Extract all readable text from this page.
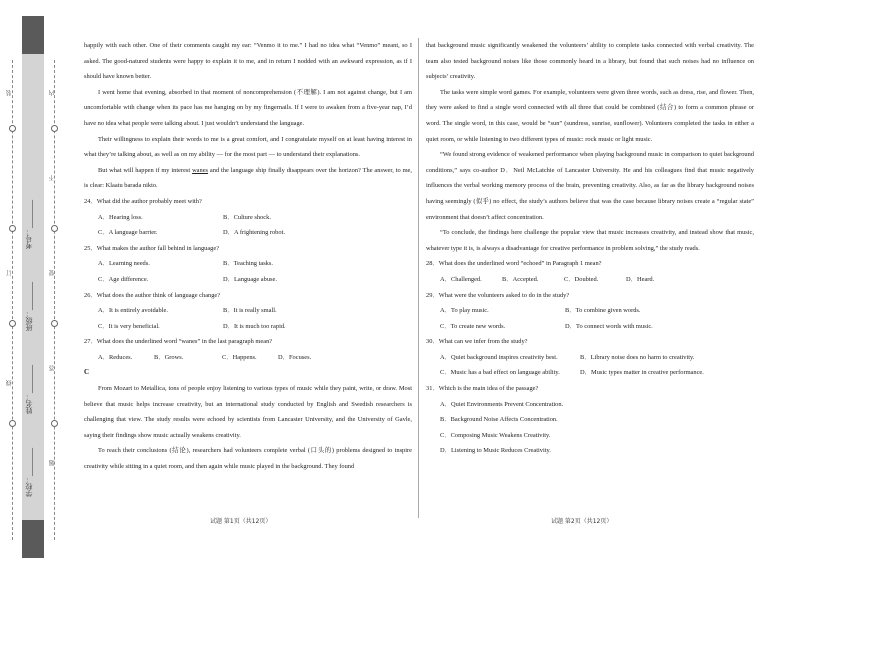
装
订
线
内
不
要
答
题
学校：________
姓名：________
班级：________
考号：________

happily with each other. One of their comments caught my ear: “Venmo it to me.” I had no idea what “Venmo” meant, so I asked. The good-natured students were happy to explain it to me, and in return I nodded with an awkward expression, as if I should have known better.

I went home that evening, absorbed in that moment of noncomprehension (不理解). I am not against change, but I am uncomfortable with change when its pace has me hanging on by my fingernails. If I were to awaken from a five-year nap, I’d have no idea what people were talking about. I just wouldn’t understand the language.

Their willingness to explain their words to me is a great comfort, and I congratulate myself on at least having interest in what they’re talking about, as well as on my ability — for the most part — to understand their explanations.

But what will happen if my interest wanes and the language ship finally disappears over the horizon? The answer, to me, is clear: Klaatu barada nikto.

24．What did the author probably meet with?

A．Hearing loss.	B．Culture shock.
C．A language barrier.	D．A frightening robot.

25．What makes the author fall behind in language?

A．Learning needs.	B．Teaching tasks.
C．Age difference.	D．Language abuse.

26．What does the author think of language change?

A．It is entirely avoidable.	B．It is really small.
C．It is very beneficial.	D．It is much too rapid.

27．What does the underlined word “wanes” in the last paragraph mean?

A．Reduces.	B．Grows.	C．Happens.	D．Focuses.

C

From Mozart to Metallica, tons of people enjoy listening to various types of music while they paint, write, or draw. Most believe that music helps increase creativity, but an international study conducted by English and Swedish researchers is challenging that view. The study results were echoed by scientists from Lancaster University, and the University of Gavle, saying their findings show music actually weakens creativity.

To reach their conclusions (结论), researchers had volunteers complete verbal (口头的) problems designed to inspire creativity while sitting in a quiet room, and then again while music played in the background. They found

that background music significantly weakened the volunteers’ ability to complete tasks connected with verbal creativity. The team also tested background noises like those commonly heard in a library, but found that such noises had no influence on subjects’ creativity.

The tasks were simple word games. For example, volunteers were given three words, such as dress, rise, and flower. Then, they were asked to find a single word connected with all three that could be combined (结合) to form a common phrase or word. The single word, in this case, would be “sun” (sundress, sunrise, sunflower). Volunteers completed the tasks in either a quiet room, or while listening to two different types of music: rock music or light music.

“We found strong evidence of weakened performance when playing background music in comparison to quiet background conditions,” says co-author D．Neil McLatchie of Lancaster University. He and his colleagues find that music negatively influences the verbal working memory process of the brain, preventing creativity. Also, as far as the library background noises having seemingly (似乎) no effect, the study’s authors believe that was the case because library noises create a “regular state” environment that doesn’t affect concentration.

“To conclude, the findings here challenge the popular view that music increases creativity, and instead show that music, whatever type it is, is always a disadvantage for creative performance in problem solving,” the study reads.

28．What does the underlined word “echoed” in Paragraph 1 mean?

A．Challenged.	B．Accepted.	C．Doubted.	D．Heard.

29．What were the volunteers asked to do in the study?

A．To play music.	B．To combine given words.
C．To create new words.	D．To connect words with music.

30．What can we infer from the study?

A．Quiet background inspires creativity best.	B．Library noise does no harm to creativity.
C．Music has a bad effect on language ability.	D．Music types matter in creative performance.

31．Which is the main idea of the passage?

A．Quiet Environments Prevent Concentration.
B．Background Noise Affects Concentration.
C．Composing Music Weakens Creativity.
D．Listening to Music Reduces Creativity.
试题 第1页（共12页）	试题 第2页（共12页）
